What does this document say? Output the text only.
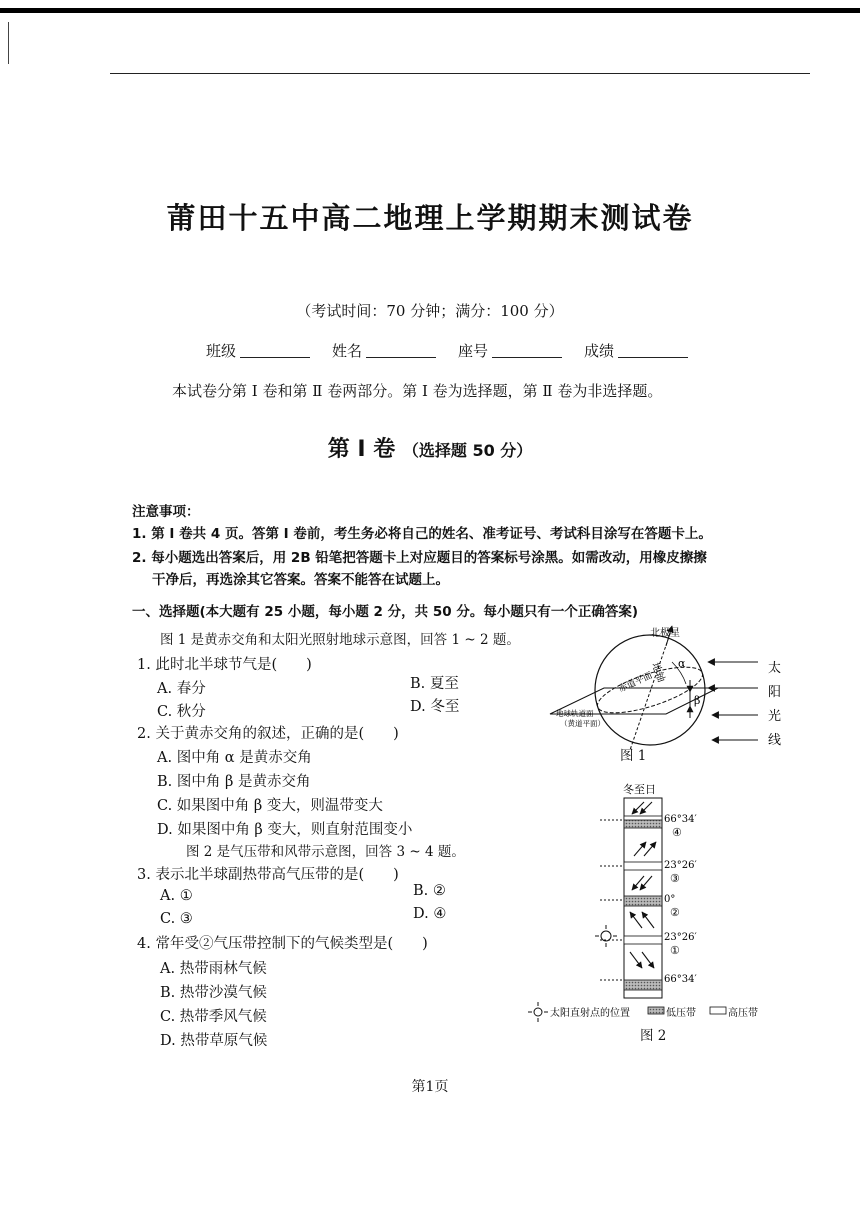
莆田十五中高二地理上学期期末测试卷
（考试时间：70 分钟；满分：100 分）
班级	姓名	座号	成绩
本试卷分第 Ⅰ 卷和第 Ⅱ 卷两部分。第 Ⅰ 卷为选择题，第 Ⅱ 卷为非选择题。
第 Ⅰ 卷 （选择题 50 分）
注意事项：
1. 第 Ⅰ 卷共 4 页。答第 Ⅰ 卷前，考生务必将自己的姓名、准考证号、考试科目涂写在答题卡上。
2. 每小题选出答案后，用 2B 铅笔把答题卡上对应题目的答案标号涂黑。如需改动，用橡皮擦擦
干净后，再选涂其它答案。答案不能答在试题上。
一、选择题(本大题有 25 小题，每小题 2 分，共 50 分。每小题只有一个正确答案)
图 1 是黄赤交角和太阳光照射地球示意图，回答 1 ~ 2 题。
1. 此时北半球节气是(　　)
A. 春分	B. 夏至
C. 秋分	D. 冬至
2. 关于黄赤交角的叙述，正确的是(　　)
A. 图中角 α 是黄赤交角
B. 图中角 β 是黄赤交角
C. 如果图中角 β 变大，则温带变大
D. 如果图中角 β 变大，则直射范围变小
图 2 是气压带和风带示意图，回答 3 ~ 4 题。
3. 表示北半球副热带高气压带的是(　　)
A. ①	B. ②
C. ③	D. ④
4. 常年受②气压带控制下的气候类型是(　　)
A. 热带雨林气候
B. 热带沙漠气候
C. 热带季风气候
D. 热带草原气候
北极星
地轴
赤道平面
地球轨道面
（黄道平面）
α
β
太
阳
光
线
图 1
冬至日
66°34′
④
23°26′
③
0°
②
23°26′
①
66°34′
太阳直射点的位置	低压带	高压带
图 2
第1页
